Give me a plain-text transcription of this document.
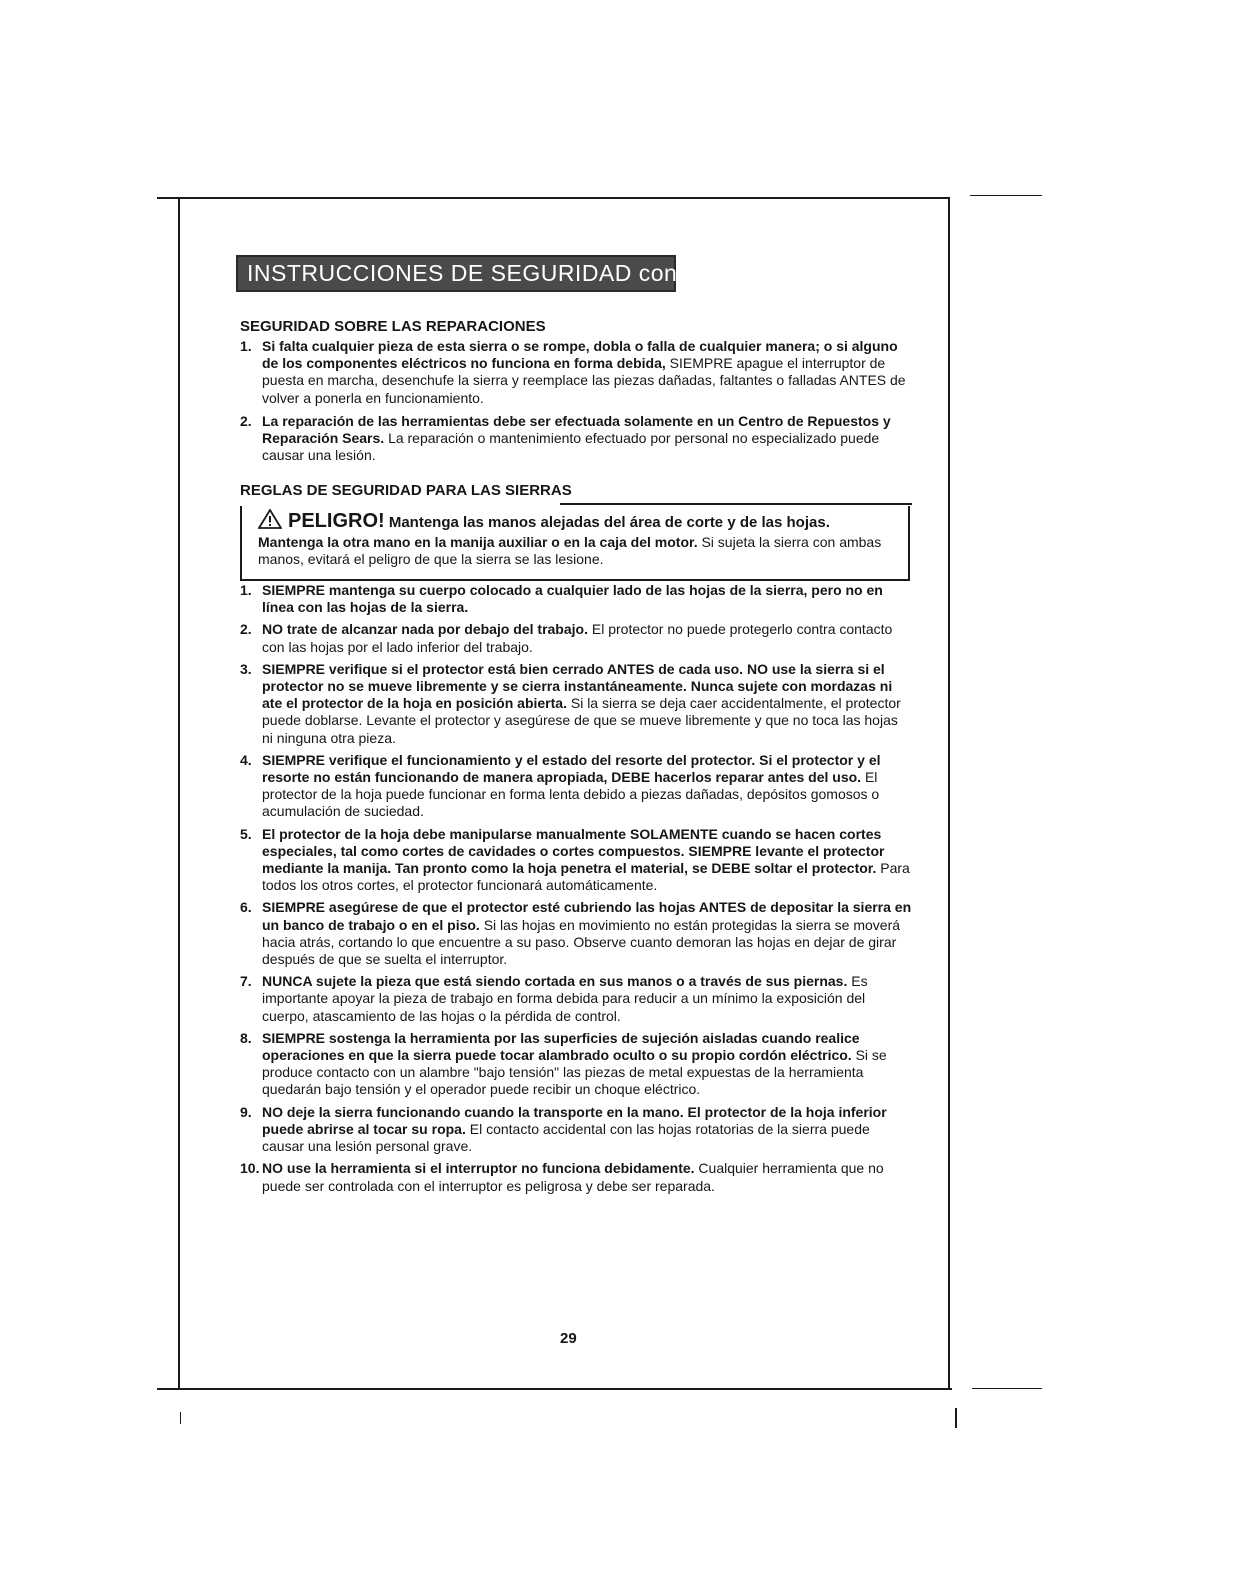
INSTRUCCIONES DE SEGURIDAD cont.
SEGURIDAD SOBRE LAS REPARACIONES
1. Si falta cualquier pieza de esta sierra o se rompe, dobla o falla de cualquier manera; o si alguno de los componentes eléctricos no funciona en forma debida, SIEMPRE apague el interruptor de puesta en marcha, desenchufe la sierra y reemplace las piezas dañadas, faltantes o falladas ANTES de volver a ponerla en funcionamiento.
2. La reparación de las herramientas debe ser efectuada solamente en un Centro de Repuestos y Reparación Sears. La reparación o mantenimiento efectuado por personal no especializado puede causar una lesión.
REGLAS DE SEGURIDAD PARA LAS SIERRAS
PELIGRO! Mantenga las manos alejadas del área de corte y de las hojas.
Mantenga la otra mano en la manija auxiliar o en la caja del motor. Si sujeta la sierra con ambas manos, evitará el peligro de que la sierra se las lesione.
1. SIEMPRE mantenga su cuerpo colocado a cualquier lado de las hojas de la sierra, pero no en línea con las hojas de la sierra.
2. NO trate de alcanzar nada por debajo del trabajo. El protector no puede protegerlo contra contacto con las hojas por el lado inferior del trabajo.
3. SIEMPRE verifique si el protector está bien cerrado ANTES de cada uso. NO use la sierra si el protector no se mueve libremente y se cierra instantáneamente. Nunca sujete con mordazas ni ate el protector de la hoja en posición abierta. Si la sierra se deja caer accidentalmente, el protector puede doblarse. Levante el protector y asegúrese de que se mueve libremente y que no toca las hojas ni ninguna otra pieza.
4. SIEMPRE verifique el funcionamiento y el estado del resorte del protector. Si el protector y el resorte no están funcionando de manera apropiada, DEBE hacerlos reparar antes del uso. El protector de la hoja puede funcionar en forma lenta debido a piezas dañadas, depósitos gomosos o acumulación de suciedad.
5. El protector de la hoja debe manipularse manualmente SOLAMENTE cuando se hacen cortes especiales, tal como cortes de cavidades o cortes compuestos. SIEMPRE levante el protector mediante la manija. Tan pronto como la hoja penetra el material, se DEBE soltar el protector. Para todos los otros cortes, el protector funcionará automáticamente.
6. SIEMPRE asegúrese de que el protector esté cubriendo las hojas ANTES de depositar la sierra en un banco de trabajo o en el piso. Si las hojas en movimiento no están protegidas la sierra se moverá hacia atrás, cortando lo que encuentre a su paso. Observe cuanto demoran las hojas en dejar de girar después de que se suelta el interruptor.
7. NUNCA sujete la pieza que está siendo cortada en sus manos o a través de sus piernas. Es importante apoyar la pieza de trabajo en forma debida para reducir a un mínimo la exposición del cuerpo, atascamiento de las hojas o la pérdida de control.
8. SIEMPRE sostenga la herramienta por las superficies de sujeción aisladas cuando realice operaciones en que la sierra puede tocar alambrado oculto o su propio cordón eléctrico. Si se produce contacto con un alambre "bajo tensión" las piezas de metal expuestas de la herramienta quedarán bajo tensión y el operador puede recibir un choque eléctrico.
9. NO deje la sierra funcionando cuando la transporte en la mano. El protector de la hoja inferior puede abrirse al tocar su ropa. El contacto accidental con las hojas rotatorias de la sierra puede causar una lesión personal grave.
10. NO use la herramienta si el interruptor no funciona debidamente. Cualquier herramienta que no puede ser controlada con el interruptor es peligrosa y debe ser reparada.
29
